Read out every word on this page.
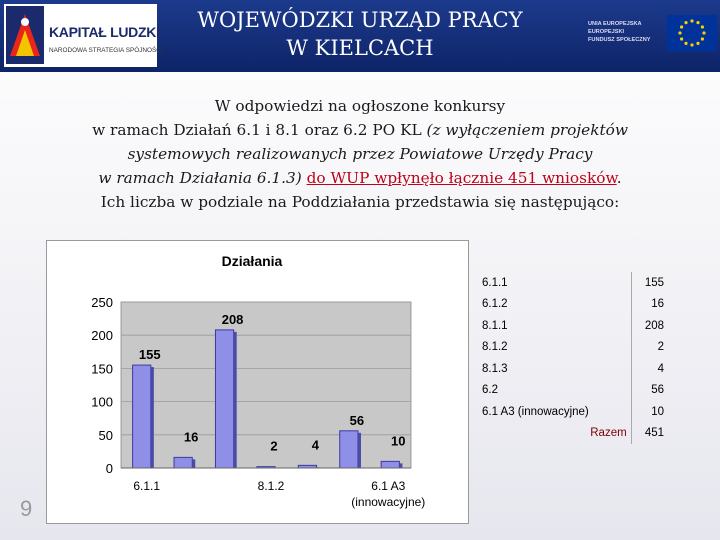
KAPITAŁ LUDZKI
NARODOWA STRATEGIA SPÓJNOŚCI
WOJEWÓDZKI URZĄD PRACY
W KIELCACH
UNIA EUROPEJSKA
EUROPEJSKI
FUNDUSZ SPOŁECZNY
W odpowiedzi na ogłoszone konkursy
w ramach Działań 6.1 i 8.1 oraz 6.2 PO KL (z wyłączeniem projektów
systemowych realizowanych przez Powiatowe Urzędy Pracy
w ramach Działania 6.1.3) do WUP wpłynęło łącznie 451 wniosków.
Ich liczba w podziale na Poddziałania przedstawia się następująco:
Działania
155
16
208
2	4
56
10
0
50
100
150
200
250
6.1.1	8.1.2	6.1 A3
(innowacyjne)
6.1.1	155
6.1.2	16
8.1.1	208
8.1.2	2
8.1.3	4
6.2	56
6.1 A3 (innowacyjne)	10
Razem	451
9
